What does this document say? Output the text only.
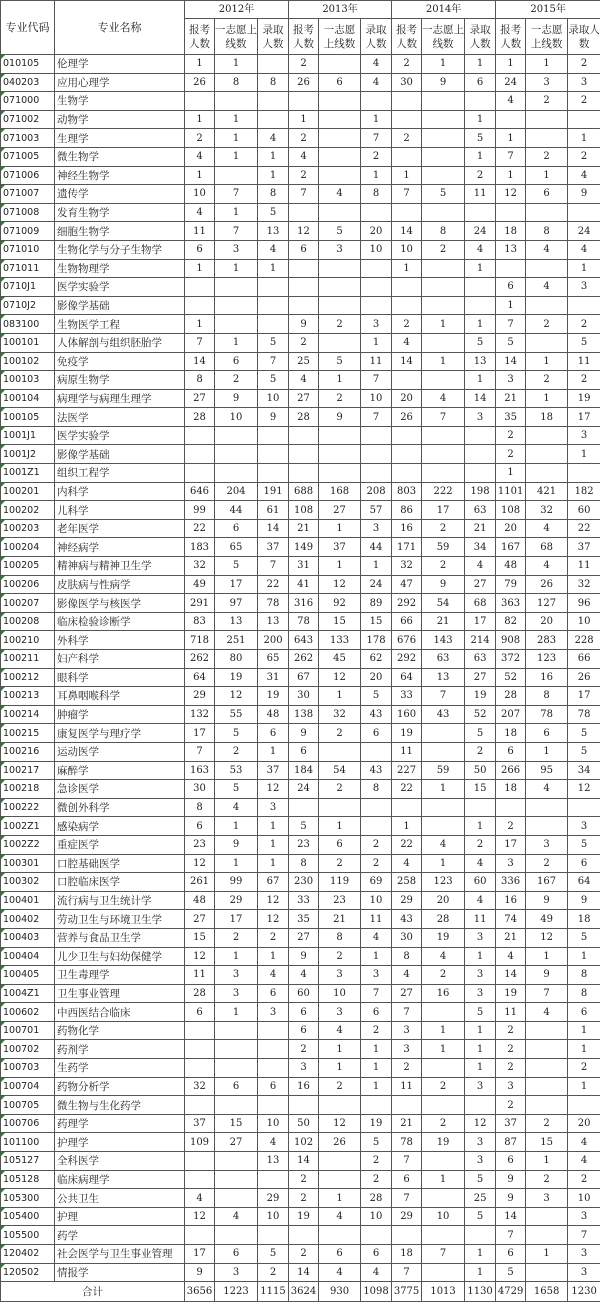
专业代码	专业名称	2012年			2013年			2014年			2015年		
		报考人数	一志愿上线数	录取人数	报考人数	一志愿上线数	录取人数	报考人数	一志愿上线数	录取人数	报考人数	一志愿上线数	录取人数
010105	伦理学	1	1		2		4	2	1	1	1	1	2
040203	应用心理学	26	8	8	26	6	4	30	9	6	24	3	3
071000	生物学										4	2	2
071002	动物学	1	1		1		1			1			
071003	生理学	2	1	4	2		7	2		5	1		1
071005	微生物学	4	1	1	4		2			1	7	2	2
071006	神经生物学	1		1	2		1	1		2	1	1	4
071007	遗传学	10	7	8	7	4	8	7	5	11	12	6	9
071008	发育生物学	4	1	5									
071009	细胞生物学	11	7	13	12	5	20	14	8	24	18	8	24
071010	生物化学与分子生物学	6	3	4	6	3	10	10	2	4	13	4	4
071011	生物物理学	1	1	1				1		1			1
0710J1	医学实验学										6	4	3
0710J2	影像学基础										1		
083100	生物医学工程	1			9	2	3	2	1	1	7	2	2
100101	人体解剖与组织胚胎学	7	1	5	2		1	4		5	5		5
100102	免疫学	14	6	7	25	5	11	14	1	13	14	1	11
100103	病原生物学	8	2	5	4	1	7			1	3	2	2
100104	病理学与病理生理学	27	9	10	27	2	10	20	4	14	21	1	19
100105	法医学	28	10	9	28	9	7	26	7	3	35	18	17
1001J1	医学实验学										2		3
1001J2	影像学基础										2		1
1001Z1	组织工程学										1		
100201	内科学	646	204	191	688	168	208	803	222	198	1101	421	182
100202	儿科学	99	44	61	108	27	57	86	17	63	108	32	60
100203	老年医学	22	6	14	21	1	3	16	2	21	20	4	22
100204	神经病学	183	65	37	149	37	44	171	59	34	167	68	37
100205	精神病与精神卫生学	32	5	7	31	1	1	32	2	4	48	4	11
100206	皮肤病与性病学	49	17	22	41	12	24	47	9	27	79	26	32
100207	影像医学与核医学	291	97	78	316	92	89	292	54	68	363	127	96
100208	临床检验诊断学	83	13	13	78	15	15	66	21	17	82	20	10
100210	外科学	718	251	200	643	133	178	676	143	214	908	283	228
100211	妇产科学	262	80	65	262	45	62	292	63	63	372	123	66
100212	眼科学	64	19	31	67	12	20	64	13	27	52	16	26
100213	耳鼻咽喉科学	29	12	19	30	1	5	33	7	19	28	8	17
100214	肿瘤学	132	55	48	138	32	43	160	43	52	207	78	78
100215	康复医学与理疗学	17	5	6	9	2	6	19		5	18	6	5
100216	运动医学	7	2	1	6			11		2	6	1	5
100217	麻醉学	163	53	37	184	54	43	227	59	50	266	95	34
100218	急诊医学	30	5	12	24	2	8	22	1	15	18	4	12
100222	微创外科学	8	4	3									
1002Z1	感染病学	6	1	1	5	1		1		1	2		3
1002Z2	重症医学	23	9	1	23	6	2	22	4	2	17	3	5
100301	口腔基础医学	12	1	1	8	2	2	4	1	4	3	2	6
100302	口腔临床医学	261	99	67	230	119	69	258	123	60	336	167	64
100401	流行病与卫生统计学	48	29	12	33	23	10	29	20	4	16	9	9
100402	劳动卫生与环境卫生学	27	17	12	35	21	11	43	28	11	74	49	18
100403	营养与食品卫生学	15	2	2	27	8	4	30	19	3	21	12	5
100404	儿少卫生与妇幼保健学	12	1	1	9	2	1	8	4	1	4	1	1
100405	卫生毒理学	11	3	4	4	3	3	4	2	3	14	9	8
1004Z1	卫生事业管理	28	3	6	60	10	7	27	16	3	19	7	8
100602	中西医结合临床	6	1	3	6	3	6	7		5	11	4	6
100701	药物化学				6	4	2	3	1	1	2		1
100702	药剂学				2	1	1	3	1	1	2		1
100703	生药学				3	1	1	2		1	2		2
100704	药物分析学	32	6	6	16	2	1	11	2	3	3		1
100705	微生物与生化药学										2		
100706	药理学	37	15	10	50	12	19	21	2	12	37	2	20
101100	护理学	109	27	4	102	26	5	78	19	3	87	15	4
105127	全科医学			13	14		2	7		3	6	1	4
105128	临床病理学				2		2	6	1	5	9	2	2
105300	公共卫生	4		29	2	1	28	7		25	9	3	10
105400	护理	12	4	10	19	4	10	29	10	5	14		3
105500	药学										7		7
120402	社会医学与卫生事业管理	17	6	5	2	6	6	18	7	1	6	1	3
120502	情报学	9	3	2	14	4	4	7		1	5		3
合计		3656	1223	1115	3624	930	1098	3775	1013	1130	4729	1658	1230
